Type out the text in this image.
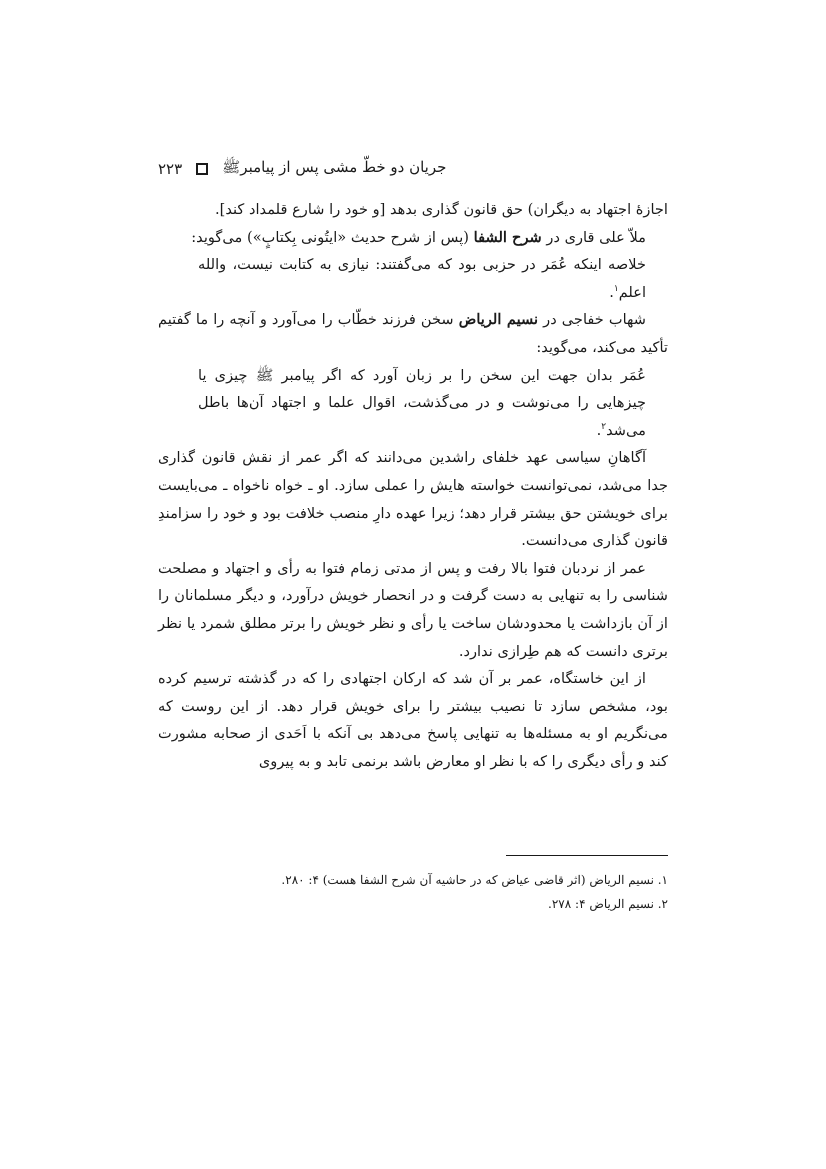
جریان دو خطّ مشی پس از پیامبرﷺ
۲۲۳

اجازهٔ اجتهاد به دیگران) حق قانون گذاری بدهد [و خود را شارع قلمداد کند].

ملاّ علی قاری در شرح الشفا (پس از شرح حدیث «ایتُونی بِکتابٍ») می‌گوید:

خلاصه اینکه عُمَر در حزبی بود که می‌گفتند: نیازی به کتابت نیست، والله اعلم$^۱$.

شهاب خفاجی در نسیم الریاض سخن فرزند خطّاب را می‌آورد و آنچه را ما گفتیم تأکید می‌کند، می‌گوید:

عُمَر بدان جهت این سخن را بر زبان آورد که اگر پیامبر ﷺ چیزی یا چیزهایی را می‌نوشت و در می‌گذشت، اقوال علما و اجتهاد آن‌ها باطل می‌شد$^۲$.

آگاهانِ سیاسی عهد خلفای راشدین می‌دانند که اگر عمر از نقش قانون گذاری جدا می‌شد، نمی‌توانست خواسته هایش را عملی سازد. او ـ خواه ناخواه ـ می‌بایست برای خویشتن حق بیشتر قرار دهد؛ زیرا عهده دارِ منصب خلافت بود و خود را سزامندِ قانون گذاری می‌دانست.

عمر از نردبان فتوا بالا رفت و پس از مدتی زمام فتوا به رأی و اجتهاد و مصلحت شناسی را به تنهایی به دست گرفت و در انحصار خویش درآورد، و دیگر مسلمانان را از آن بازداشت یا محدودشان ساخت یا رأی و نظر خویش را برتر مطلق شمرد یا نظر برتری دانست که هم طِرازی ندارد.

از این خاستگاه، عمر بر آن شد که ارکان اجتهادی را که در گذشته ترسیم کرده بود، مشخص سازد تا نصیب بیشتر را برای خویش قرار دهد. از این روست که می‌نگریم او به مسئله‌ها به تنهایی پاسخ می‌دهد بی آنکه با اَحَدی از صحابه مشورت کند و رأی دیگری را که با نظر او معارض باشد برنمی تابد و به پیروی

۱. نسیم الریاض (اثر قاضی عیاض که در حاشیه آن شرح الشفا هست) ۴: ۲۸۰.

۲. نسیم الریاض ۴: ۲۷۸.
